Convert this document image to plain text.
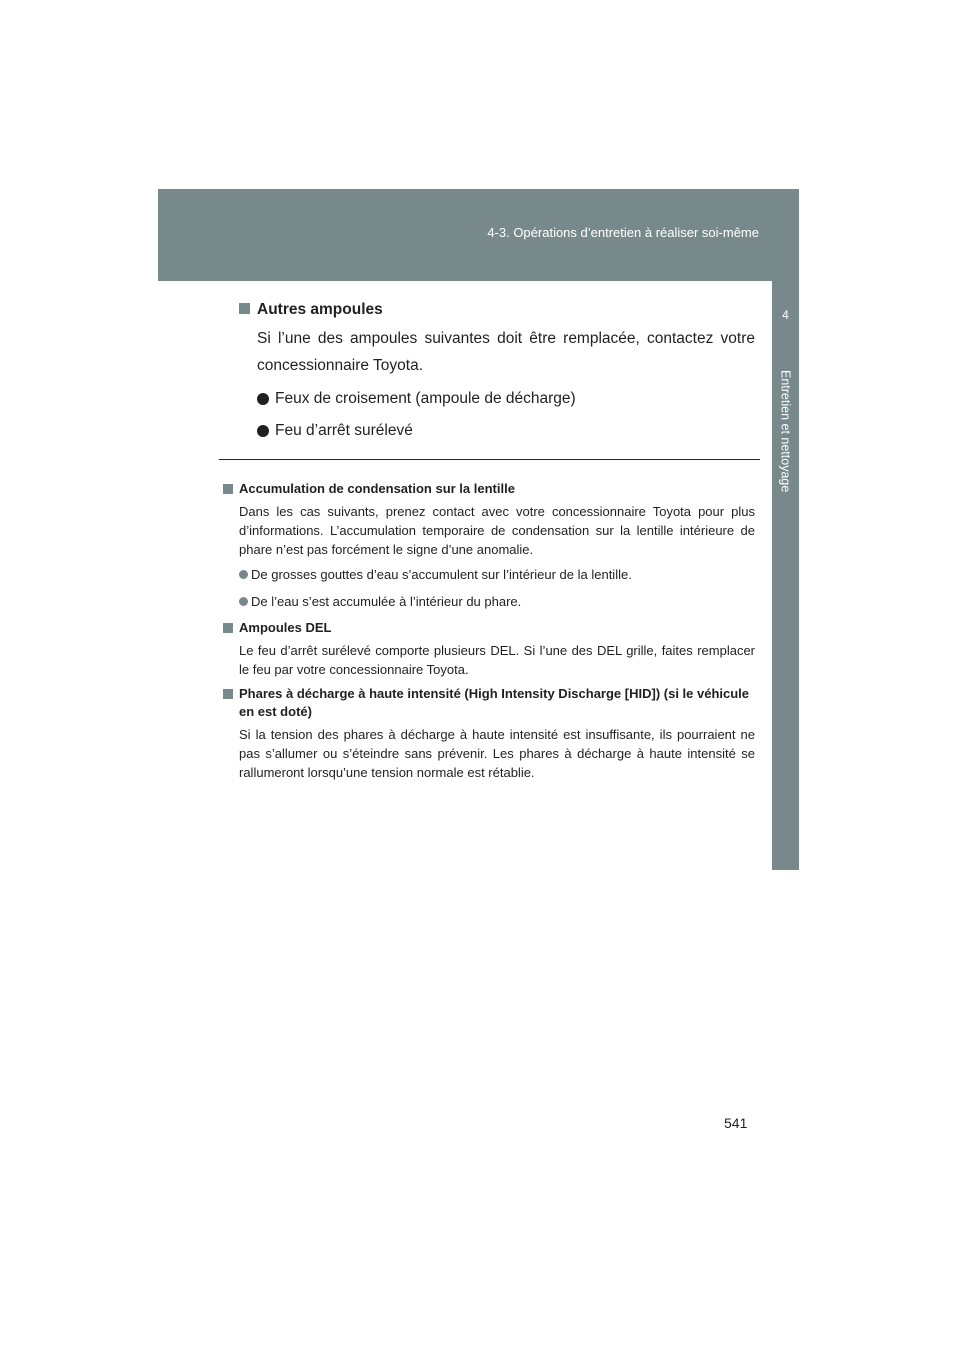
4-3. Opérations d’entretien à réaliser soi-même
4
Entretien et nettoyage
Autres ampoules

Si l’une des ampoules suivantes doit être remplacée, contactez votre concessionnaire Toyota.

Feux de croisement (ampoule de décharge)
Feu d’arrêt surélevé
Accumulation de condensation sur la lentille

Dans les cas suivants, prenez contact avec votre concessionnaire Toyota pour plus d’informations. L’accumulation temporaire de condensation sur la lentille intérieure de phare n’est pas forcément le signe d’une anomalie.

De grosses gouttes d’eau s’accumulent sur l’intérieur de la lentille.
De l’eau s’est accumulée à l’intérieur du phare.
Ampoules DEL

Le feu d’arrêt surélevé comporte plusieurs DEL. Si l’une des DEL grille, faites remplacer le feu par votre concessionnaire Toyota.

Phares à décharge à haute intensité (High Intensity Discharge [HID]) (si le véhicule en est doté)

Si la tension des phares à décharge à haute intensité est insuffisante, ils pourraient ne pas s’allumer ou s’éteindre sans prévenir. Les phares à décharge à haute intensité se rallumeront lorsqu’une tension normale est rétablie.

541
